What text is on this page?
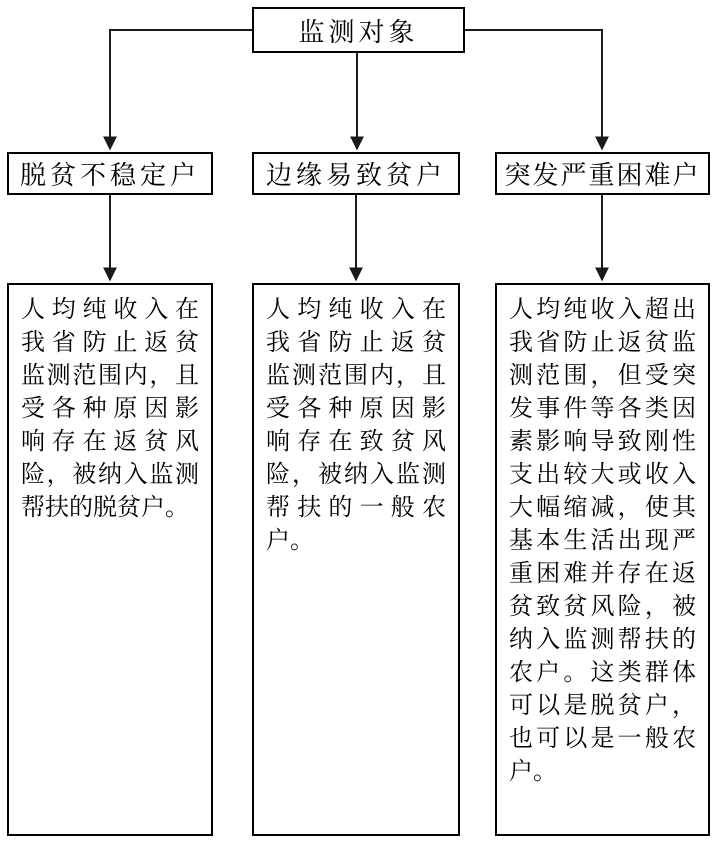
监测对象
脱贫不稳定户	边缘易致贫户 突发严重困难户
人均纯收入在
我省防止返贫
监测范围内，且
受各种原因影
响存在返贫风
险，被纳入监测
帮扶的脱贫户。
人均纯收入在
我省防止返贫
监测范围内，且
受各种原因影
响存在致贫风
险，被纳入监测
帮扶的一般农
户。
人均纯收入超出
我省防止返贫监
测范围，但受突
发事件等各类因
素影响导致刚性
支出较大或收入
大幅缩减，使其
基本生活出现严
重困难并存在返
贫致贫风险，被
纳入监测帮扶的
农户。这类群体
可以是脱贫户，
也可以是一般农
户。
